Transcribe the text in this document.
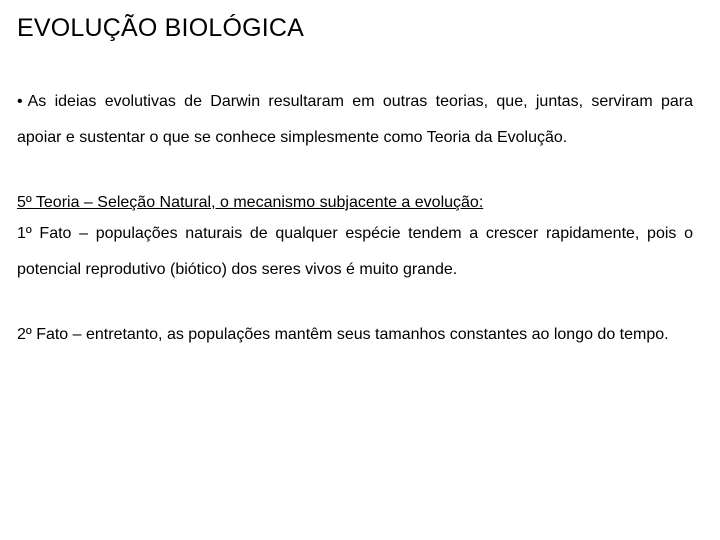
EVOLUÇÃO BIOLÓGICA

• As ideias evolutivas de Darwin resultaram em outras teorias, que, juntas, serviram para apoiar e sustentar o que se conhece simplesmente como Teoria da Evolução.

5º Teoria – Seleção Natural, o mecanismo subjacente a evolução:

1º Fato – populações naturais de qualquer espécie tendem a crescer rapidamente, pois o potencial reprodutivo (biótico) dos seres vivos é muito grande.

2º Fato – entretanto, as populações mantêm seus tamanhos constantes ao longo do tempo.
